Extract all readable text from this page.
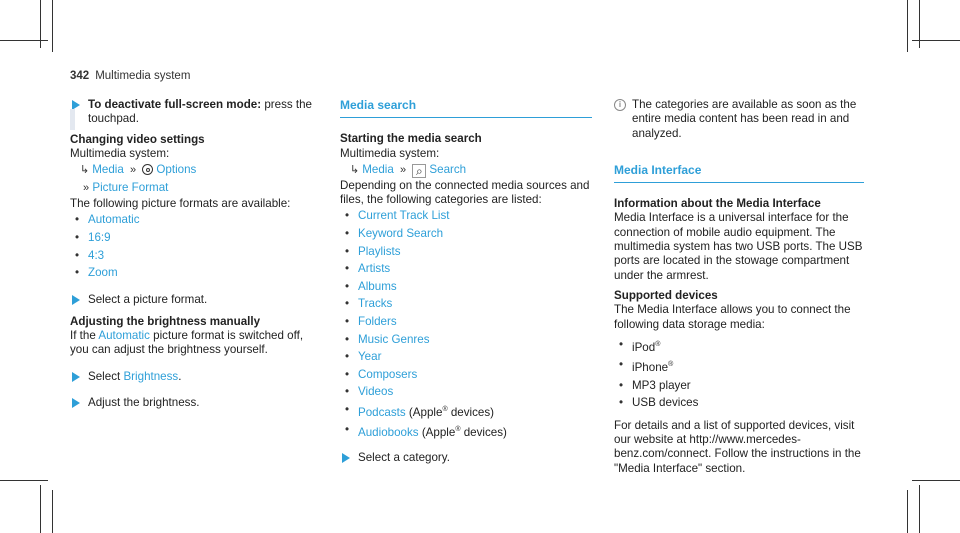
342 Multimedia system
To deactivate full-screen mode: press the touchpad.
Changing video settings
Multimedia system:
↳ Media » Options
» Picture Format
The following picture formats are available:
• Automatic
• 16:9
• 4:3
• Zoom
Select a picture format.
Adjusting the brightness manually

If the Automatic picture format is switched off, you can adjust the brightness yourself.

Select Brightness.
Adjust the brightness.
Media search
Starting the media search
Multimedia system:
↳ Media » ⌕ Search
Depending on the connected media sources and files, the following categories are listed:
• Current Track List
• Keyword Search
• Playlists
• Artists
• Albums
• Tracks
• Folders
• Music Genres
• Year
• Composers
• Videos
• Podcasts (Apple® devices)
• Audiobooks (Apple® devices)
Select a category.
i The categories are available as soon as the entire media content has been read in and analyzed.
Media Interface
Information about the Media Interface

Media Interface is a universal interface for the connection of mobile audio equipment. The multimedia system has two USB ports. The USB ports are located in the stowage compartment under the armrest.

Supported devices

The Media Interface allows you to connect the following data storage media:

• iPod®
• iPhone®
• MP3 player
• USB devices

For details and a list of supported devices, visit our website at http://www.mercedes-benz.com/connect. Follow the instructions in the "Media Interface" section.
